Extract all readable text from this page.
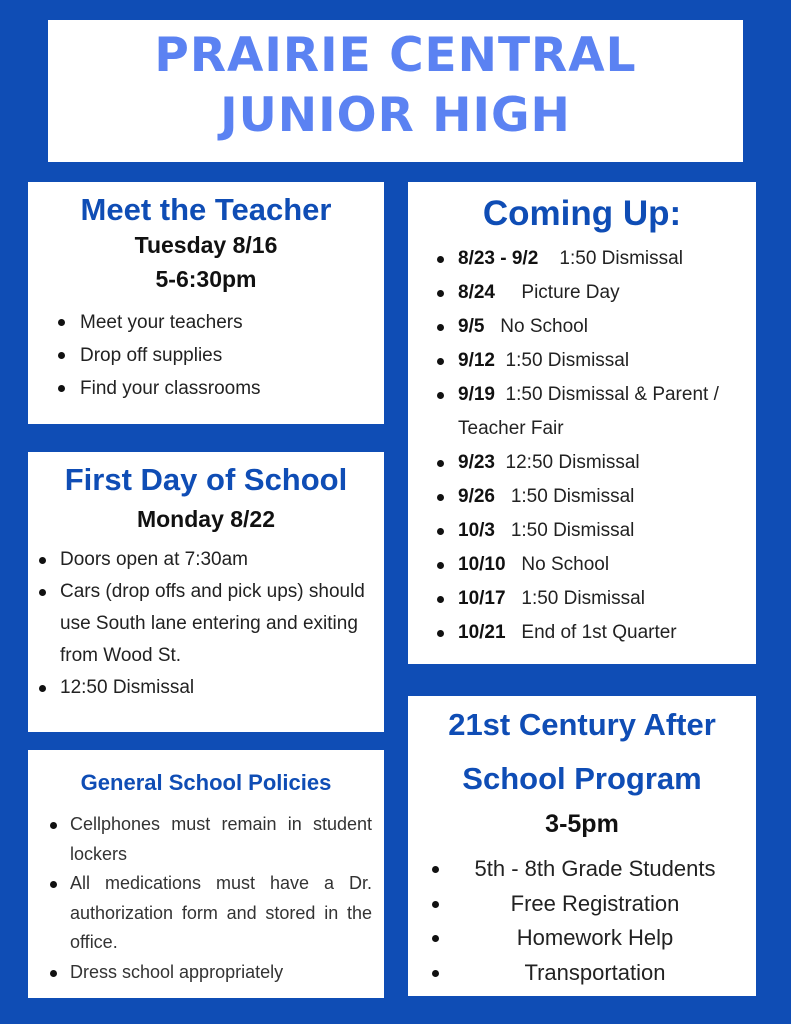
PRAIRIE CENTRAL
JUNIOR HIGH
Meet the Teacher
Tuesday 8/16
5-6:30pm
Meet your teachers
Drop off supplies
Find your classrooms
First Day of School
Monday 8/22
Doors open at 7:30am
Cars (drop offs and pick ups) should use South lane entering and exiting from Wood St.
12:50 Dismissal
General School Policies
Cellphones must remain in student lockers
All medications must have a Dr. authorization form and stored in the office.
Dress school appropriately
Coming Up:
8/23 - 9/2 1:50 Dismissal
8/24 Picture Day
9/5 No School
9/12 1:50 Dismissal
9/19 1:50 Dismissal & Parent / Teacher Fair
9/23 12:50 Dismissal
9/26 1:50 Dismissal
10/3 1:50 Dismissal
10/10 No School
10/17 1:50 Dismissal
10/21 End of 1st Quarter
21st Century After
School Program
3-5pm
5th - 8th Grade Students
Free Registration
Homework Help
Transportation
